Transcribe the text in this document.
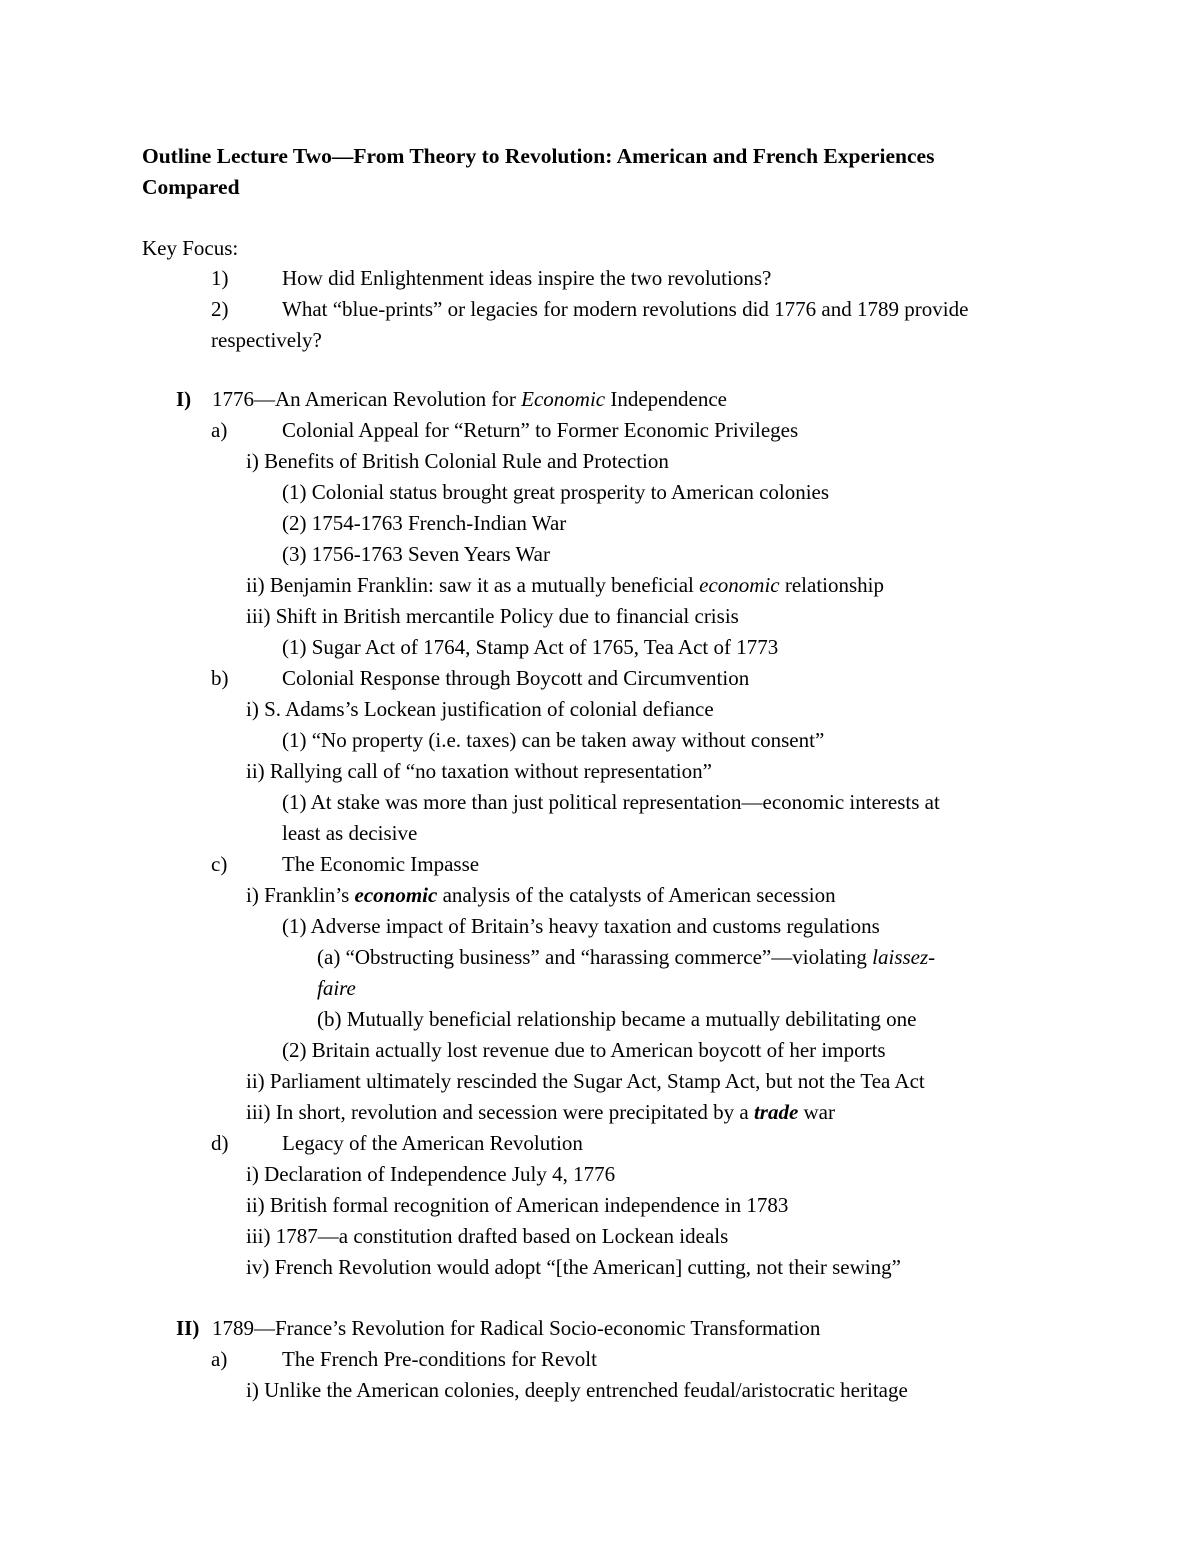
Outline Lecture Two—From Theory to Revolution: American and French Experiences
Compared
Key Focus:
1)	How did Enlightenment ideas inspire the two revolutions?
2)	What “blue-prints” or legacies for modern revolutions did 1776 and 1789 provide
respectively?
I) 1776—An American Revolution for Economic Independence
a)	Colonial Appeal for “Return” to Former Economic Privileges
i) Benefits of British Colonial Rule and Protection
(1) Colonial status brought great prosperity to American colonies
(2) 1754-1763 French-Indian War
(3) 1756-1763 Seven Years War
ii) Benjamin Franklin: saw it as a mutually beneficial economic relationship
iii) Shift in British mercantile Policy due to financial crisis
(1) Sugar Act of 1764, Stamp Act of 1765, Tea Act of 1773
b)	Colonial Response through Boycott and Circumvention
i) S. Adams’s Lockean justification of colonial defiance
(1) “No property (i.e. taxes) can be taken away without consent”
ii) Rallying call of “no taxation without representation”
(1) At stake was more than just political representation—economic interests at
least as decisive
c)	The Economic Impasse
i) Franklin’s economic analysis of the catalysts of American secession
(1) Adverse impact of Britain’s heavy taxation and customs regulations
(a) “Obstructing business” and “harassing commerce”—violating laissez-
faire
(b) Mutually beneficial relationship became a mutually debilitating one
(2) Britain actually lost revenue due to American boycott of her imports
ii) Parliament ultimately rescinded the Sugar Act, Stamp Act, but not the Tea Act
iii) In short, revolution and secession were precipitated by a trade war
d)	Legacy of the American Revolution
i) Declaration of Independence July 4, 1776
ii) British formal recognition of American independence in 1783
iii) 1787—a constitution drafted based on Lockean ideals
iv) French Revolution would adopt “[the American] cutting, not their sewing”
II) 1789—France’s Revolution for Radical Socio-economic Transformation
a)	The French Pre-conditions for Revolt
i) Unlike the American colonies, deeply entrenched feudal/aristocratic heritage
